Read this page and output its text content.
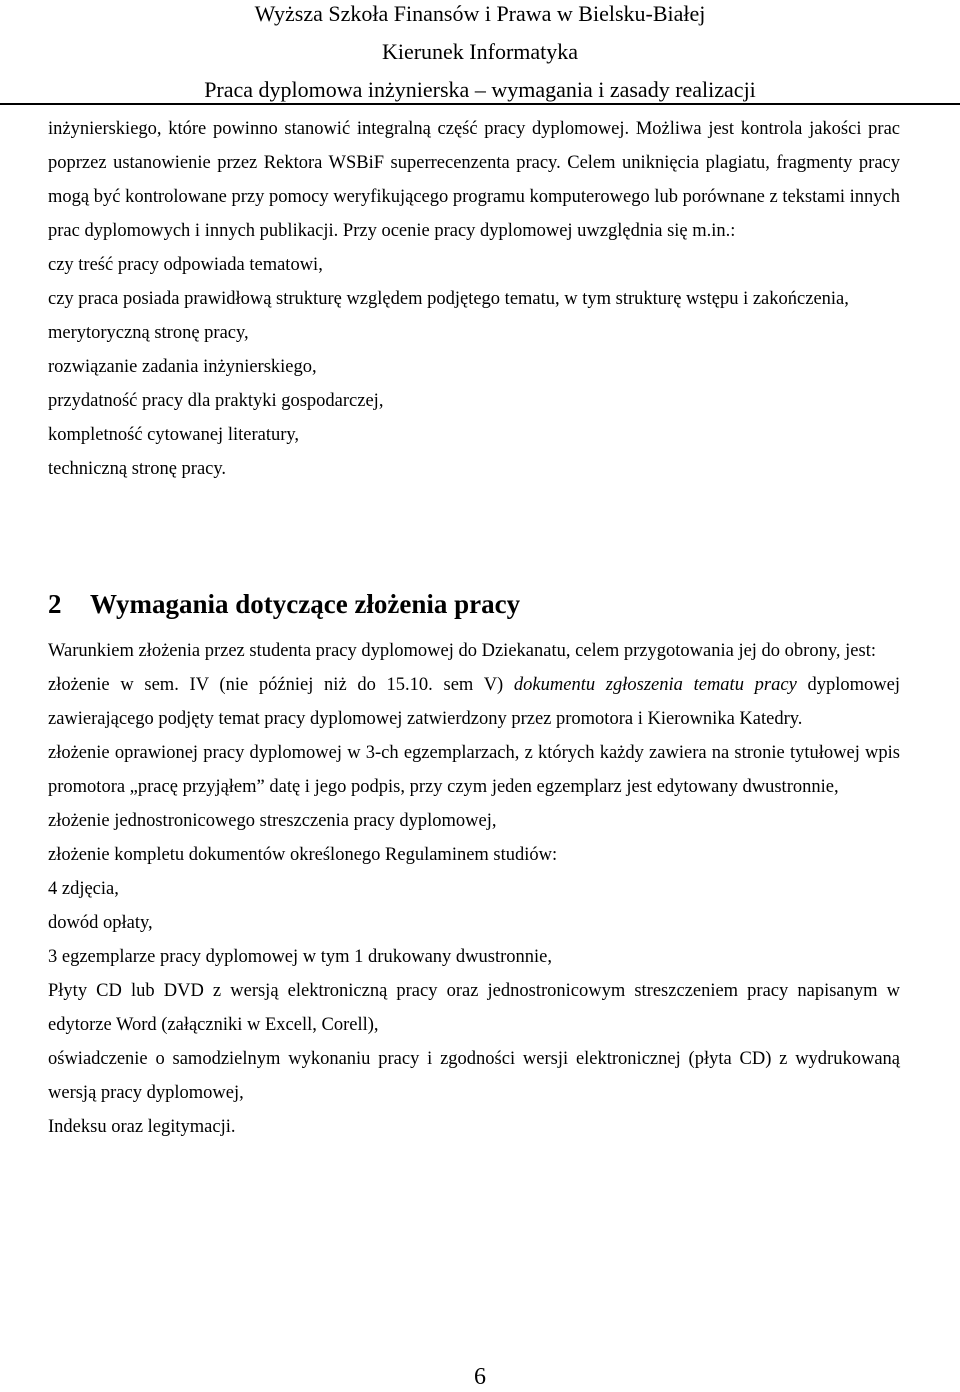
Wyższa Szkoła Finansów i Prawa w Bielsku-Białej
Kierunek Informatyka
Praca dyplomowa inżynierska – wymagania i zasady realizacji

inżynierskiego, które powinno stanowić integralną część pracy dyplomowej. Możliwa jest kontrola jakości prac poprzez ustanowienie przez Rektora WSBiF superrecenzenta pracy. Celem uniknięcia plagiatu, fragmenty pracy mogą być kontrolowane przy pomocy weryfikującego programu komputerowego lub porównane z tekstami innych prac dyplomowych i innych publikacji. Przy ocenie pracy dyplomowej uwzględnia się m.in.:

czy treść pracy odpowiada tematowi,

czy praca posiada prawidłową strukturę względem podjętego tematu, w tym strukturę wstępu i zakończenia,

merytoryczną stronę pracy,

rozwiązanie zadania inżynierskiego,

przydatność pracy dla praktyki gospodarczej,

kompletność cytowanej literatury,

techniczną stronę pracy.

2 Wymagania dotyczące złożenia pracy

Warunkiem złożenia przez studenta pracy dyplomowej do Dziekanatu, celem przygotowania jej do obrony, jest:

złożenie w sem. IV (nie później niż do 15.10. sem V) dokumentu zgłoszenia tematu pracy dyplomowej zawierającego podjęty temat pracy dyplomowej zatwierdzony przez promotora i Kierownika Katedry.

złożenie oprawionej pracy dyplomowej w 3-ch egzemplarzach, z których każdy zawiera na stronie tytułowej wpis promotora „pracę przyjąłem” datę i jego podpis, przy czym jeden egzemplarz jest edytowany dwustronnie,

złożenie jednostronicowego streszczenia pracy dyplomowej,

złożenie kompletu dokumentów określonego Regulaminem studiów:

4 zdjęcia,

dowód opłaty,

3 egzemplarze pracy dyplomowej w tym 1 drukowany dwustronnie,

Płyty CD lub DVD z wersją elektroniczną pracy oraz jednostronicowym streszczeniem pracy napisanym w edytorze Word (załączniki w Excell, Corell),

oświadczenie o samodzielnym wykonaniu pracy i zgodności wersji elektronicznej (płyta CD) z wydrukowaną wersją pracy dyplomowej,

Indeksu oraz legitymacji.

6
